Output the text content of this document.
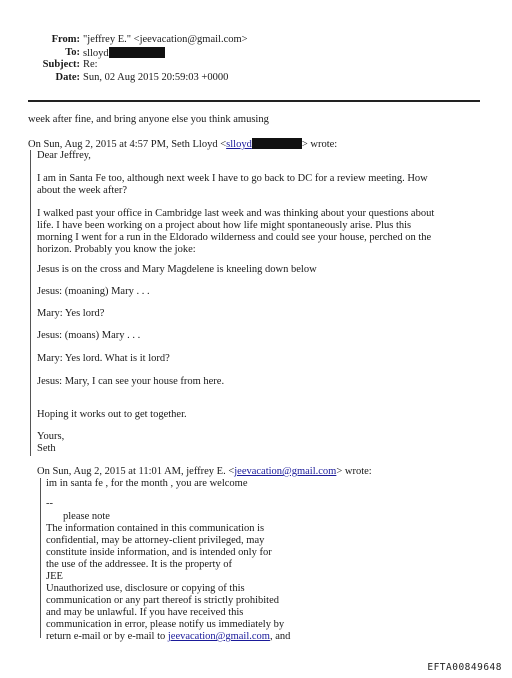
From: "jeffrey E." <jeevacation@gmail.com>
To: slloyd
Subject: Re:
Date: Sun, 02 Aug 2015 20:59:03 +0000
week after fine, and bring anyone else you think amusing
On Sun, Aug 2, 2015 at 4:57 PM, Seth Lloyd <slloyd	> wrote:
Dear Jeffrey,
I am in Santa Fe too, although next week I have to go back to DC for a review meeting. How
about the week after?
I walked past your office in Cambridge last week and was thinking about your questions about
life. I have been working on a project about how life might spontaneously arise. Plus this
morning I went for a run in the Eldorado wilderness and could see your house, perched on the
horizon. Probably you know the joke:
Jesus is on the cross and Mary Magdelene is kneeling down below
Jesus: (moaning) Mary . . .
Mary: Yes lord?
Jesus: (moans) Mary . . .
Mary: Yes lord. What is it lord?
Jesus: Mary, I can see your house from here.
Hoping it works out to get together.
Yours,
Seth
On Sun, Aug 2, 2015 at 11:01 AM, jeffrey E. <jeevacation@gmail.com> wrote:
im in santa fe , for the month , you are welcome
--
please note
The information contained in this communication is
confidential, may be attorney-client privileged, may
constitute inside information, and is intended only for
the use of the addressee. It is the property of
JEE
Unauthorized use, disclosure or copying of this
communication or any part thereof is strictly prohibited
and may be unlawful. If you have received this
communication in error, please notify us immediately by
return e-mail or by e-mail to jeevacation@gmail.com, and
EFTA00849648
